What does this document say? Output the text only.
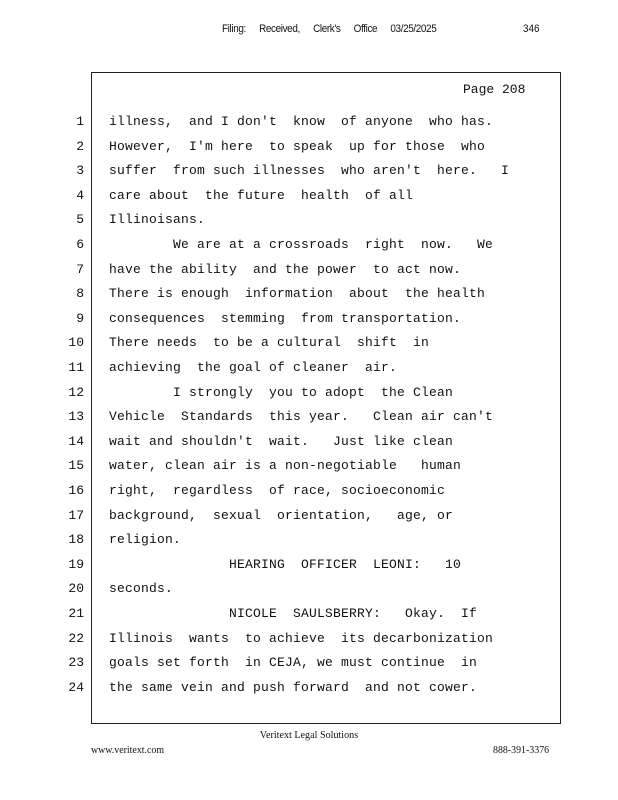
Filing: Received, Clerk's Office 03/25/2025	346
Page 208
1 illness,  and I don't  know  of anyone  who has.
2 However,  I'm here  to speak  up for those  who
3 suffer  from such illnesses  who aren't  here.   I
4 care about  the future  health  of all
5 Illinoisans.
6 We are at a crossroads  right  now.   We
7 have the ability  and the power  to act now.
8 There is enough  information  about  the health
9 consequences  stemming  from transportation.
10 There needs  to be a cultural  shift  in
11 achieving  the goal of cleaner  air.
12 I strongly  you to adopt  the Clean
13 Vehicle  Standards  this year.   Clean air can't
14 wait and shouldn't  wait.   Just like clean
15 water, clean air is a non-negotiable   human
16 right,  regardless  of race, socioeconomic
17 background,  sexual  orientation,   age, or
18 religion.
19 HEARING  OFFICER  LEONI:   10
20 seconds.
21 NICOLE  SAULSBERRY:   Okay.  If
22 Illinois  wants  to achieve  its decarbonization
23 goals set forth  in CEJA, we must continue  in
24 the same vein and push forward  and not cower.
Veritext Legal Solutions
www.veritext.com	888-391-3376
